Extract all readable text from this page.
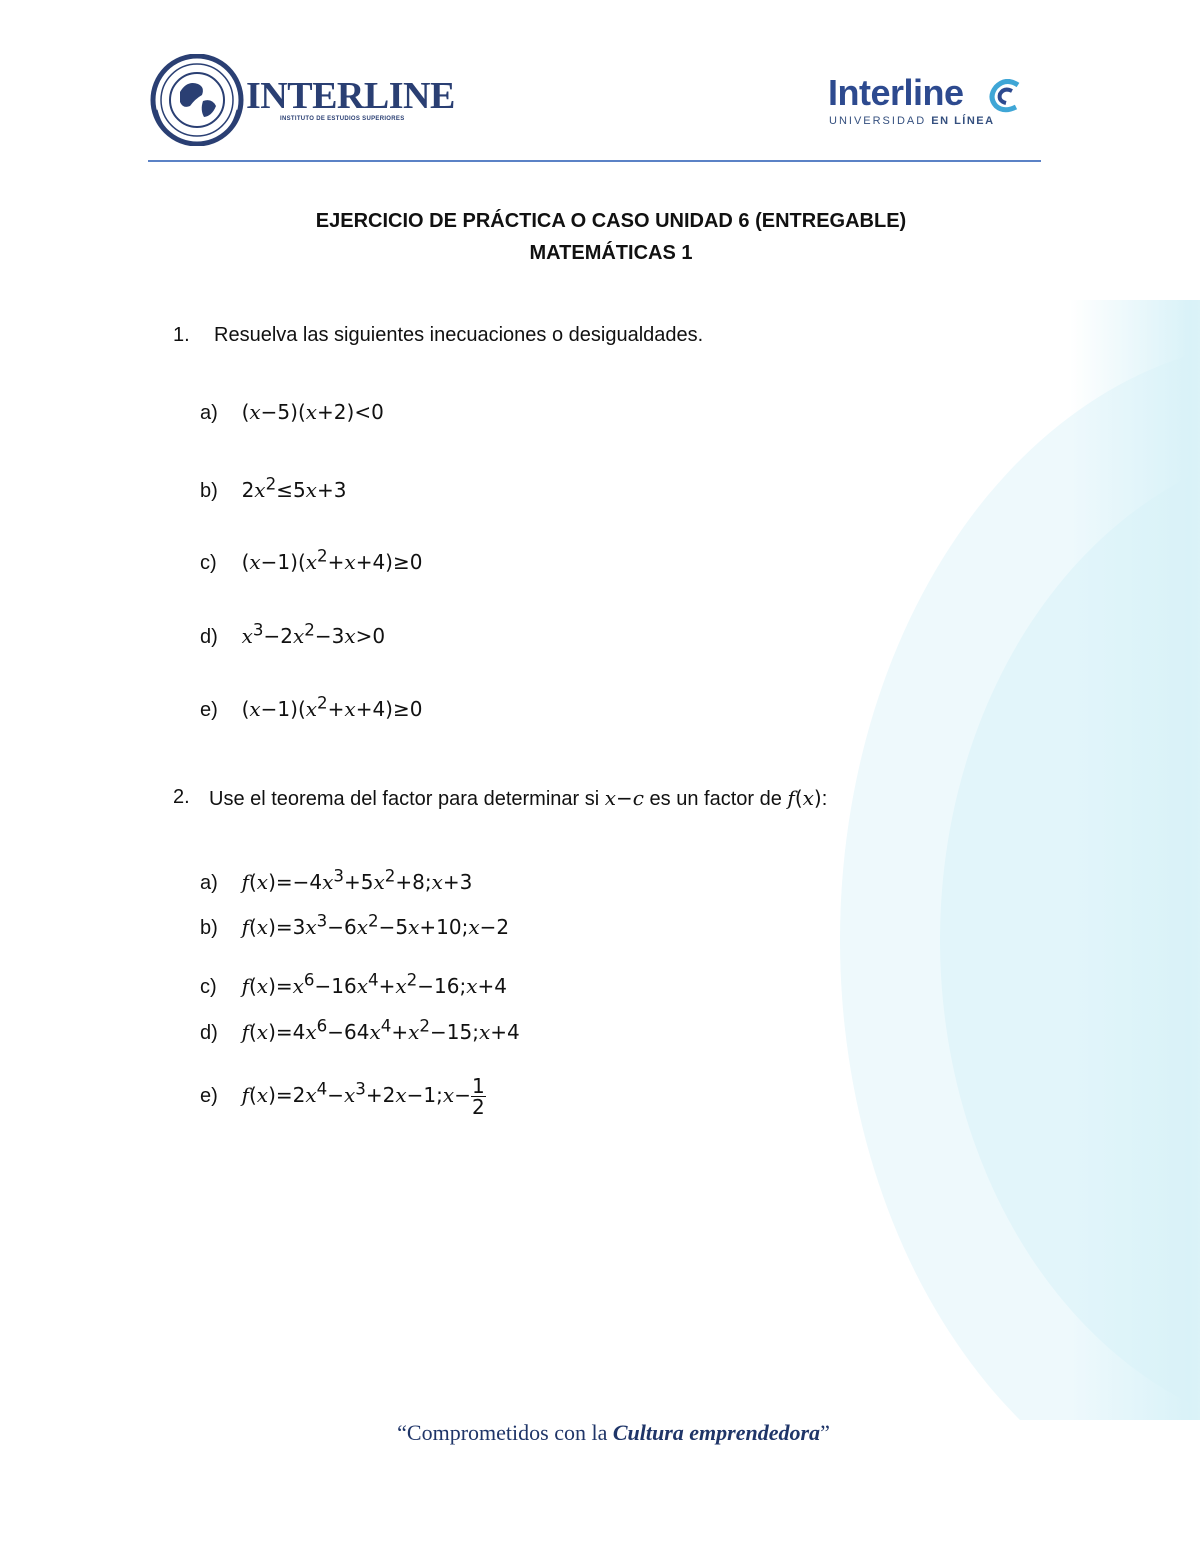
INTERLINE
INSTITUTO DE ESTUDIOS SUPERIORES
Interline
UNIVERSIDAD EN LÍNEA
EJERCICIO DE PRÁCTICA O CASO UNIDAD 6 (ENTREGABLE)
MATEMÁTICAS 1
1. Resuelva las siguientes inecuaciones o desigualdades.
a) (x−5)(x+2)<0
b) $2x^2\le 5x+3$
c) $(x-1)(x^2+x+4)\ge 0$
d) $x^3-2x^2-3x>0$
e) $(x-1)(x^2+x+4)\ge 0$
2. Use el teorema del factor para determinar si x−c es un factor de f(x):
a) $f(x)=-4x^3+5x^2+8;x+3$
b) $f(x)=3x^3-6x^2-5x+10;x-2$
c) $f(x)=x^6-16x^4+x^2-16;x+4$
d) $f(x)=4x^6-64x^4+x^2-15;x+4$
e) $f(x)=2x^4-x^3+2x-1;x- \frac{1}{2}$
“Comprometidos con la Cultura emprendedora”
